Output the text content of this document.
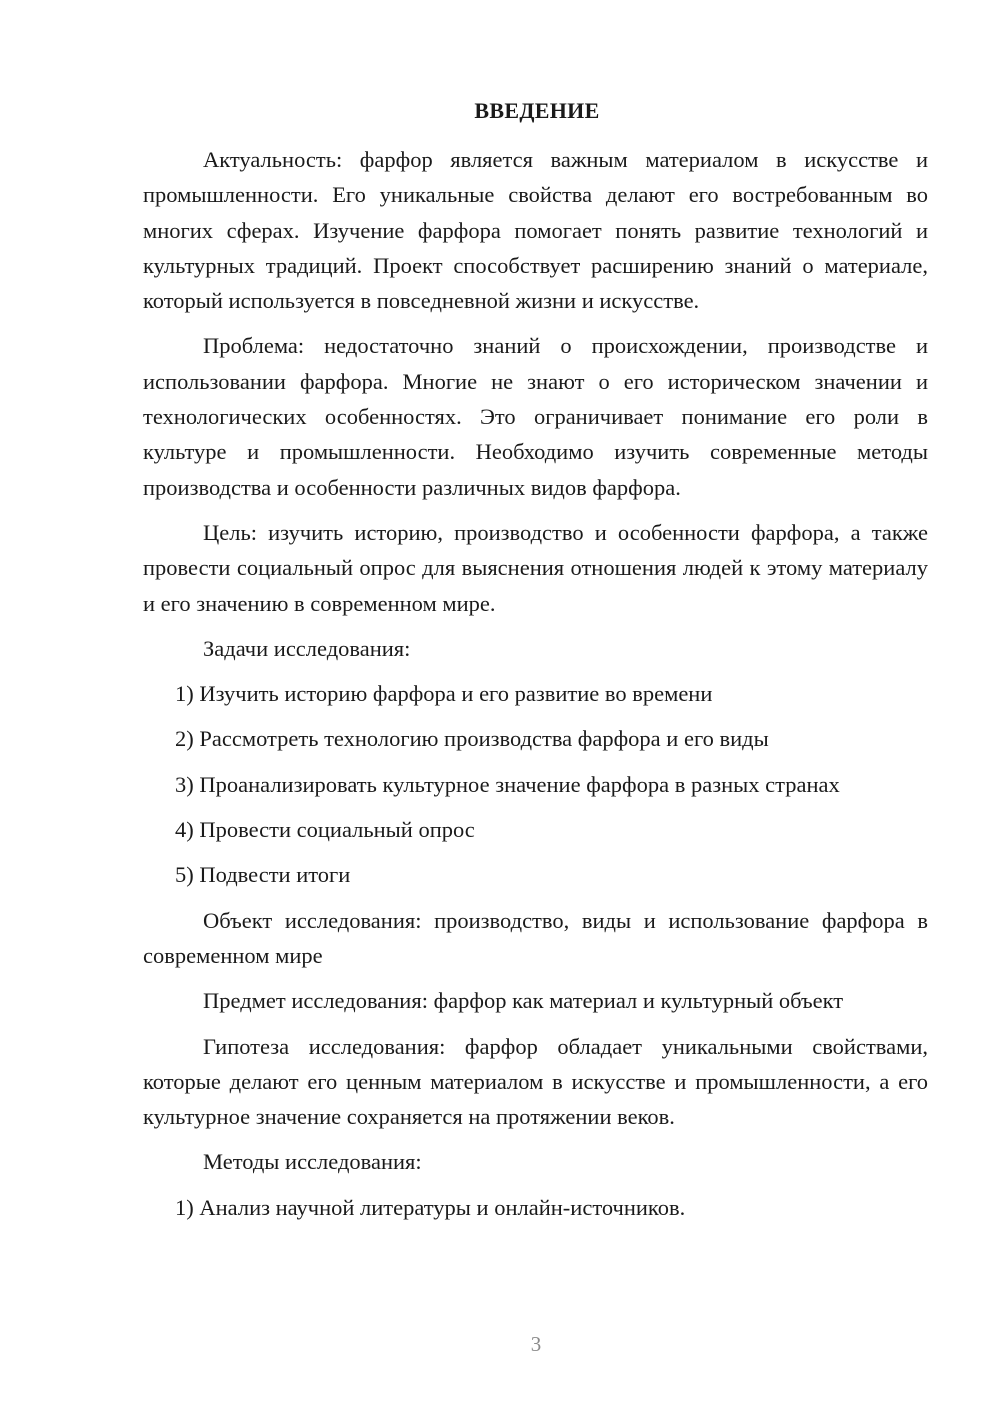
ВВЕДЕНИЕ

Актуальность: фарфор является важным материалом в искусстве и промышленности. Его уникальные свойства делают его востребованным во многих сферах. Изучение фарфора помогает понять развитие технологий и культурных традиций. Проект способствует расширению знаний о материале, который используется в повседневной жизни и искусстве.

Проблема: недостаточно знаний о происхождении, производстве и использовании фарфора. Многие не знают о его историческом значении и технологических особенностях. Это ограничивает понимание его роли в культуре и промышленности. Необходимо изучить современные методы производства и особенности различных видов фарфора.

Цель: изучить историю, производство и особенности фарфора, а также провести социальный опрос для выяснения отношения людей к этому материалу и его значению в современном мире.

Задачи исследования:

1) Изучить историю фарфора и его развитие во времени

2) Рассмотреть технологию производства фарфора и его виды

3) Проанализировать культурное значение фарфора в разных странах

4) Провести социальный опрос

5) Подвести итоги

Объект исследования: производство, виды и использование фарфора в современном мире

Предмет исследования: фарфор как материал и культурный объект

Гипотеза исследования: фарфор обладает уникальными свойствами, которые делают его ценным материалом в искусстве и промышленности, а его культурное значение сохраняется на протяжении веков.

Методы исследования:

1) Анализ научной литературы и онлайн-источников.

3
